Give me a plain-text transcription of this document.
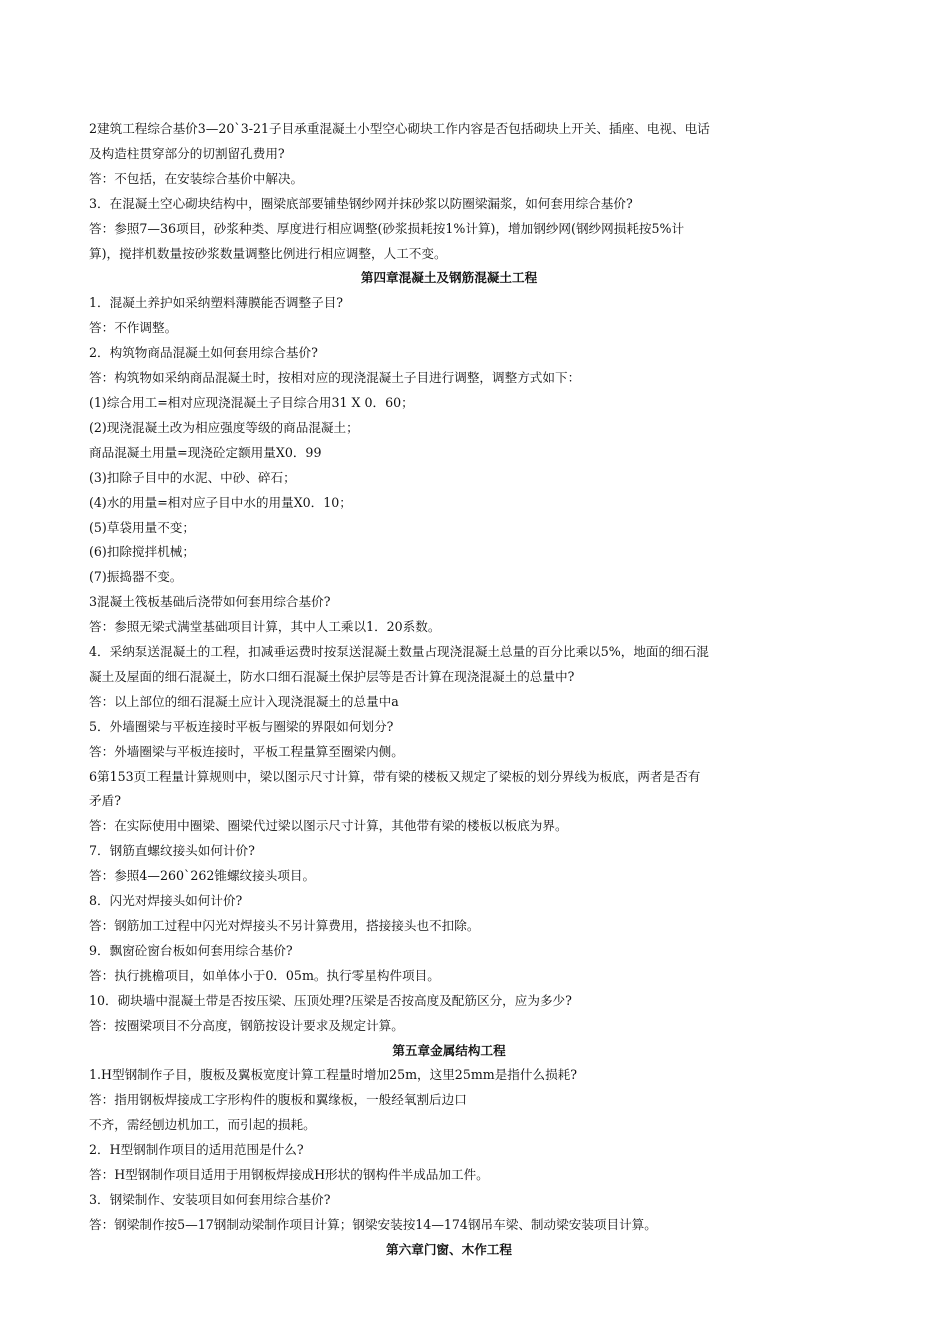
2建筑工程综合基价3—20`3-21子目承重混凝土小型空心砌块工作内容是否包括砌块上开关、插座、电视、电话
及构造柱贯穿部分的切割留孔费用?
答：不包括，在安装综合基价中解决。
3．在混凝土空心砌块结构中，圈梁底部要铺垫钢纱网并抹砂浆以防圈梁漏浆，如何套用综合基价?
答：参照7—36项目，砂浆种类、厚度进行相应调整(砂浆损耗按1%计算)，增加钢纱网(钢纱网损耗按5%计
算)，搅拌机数量按砂浆数量调整比例进行相应调整，人工不变。
第四章混凝土及钢筋混凝土工程
1．混凝土养护如采纳塑料薄膜能否调整子目?
答：不作调整。
2．构筑物商品混凝土如何套用综合基价?
答：构筑物如采纳商品混凝土时，按相对应的现浇混凝土子目进行调整，调整方式如下：
(1)综合用工=相对应现浇混凝土子目综合用31 X 0．60；
(2)现浇混凝土改为相应强度等级的商品混凝土；
商品混凝土用量=现浇砼定额用量X0．99
(3)扣除子目中的水泥、中砂、碎石；
(4)水的用量=相对应子目中水的用量X0．10；
(5)草袋用量不变；
(6)扣除搅拌机械；
(7)振捣器不变。
3混凝土筏板基础后浇带如何套用综合基价?
答：参照无梁式满堂基础项目计算，其中人工乘以1．20系数。
4．采纳泵送混凝土的工程，扣减垂运费时按泵送混凝土数量占现浇混凝土总量的百分比乘以5%，地面的细石混
凝土及屋面的细石混凝土，防水口细石混凝土保护层等是否计算在现浇混凝土的总量中?
答：以上部位的细石混凝土应计入现浇混凝土的总量中a
5．外墙圈梁与平板连接时平板与圈梁的界限如何划分?
答：外墙圈梁与平板连接时，平板工程量算至圈梁内侧。
6第153页工程量计算规则中，梁以图示尺寸计算，带有梁的楼板又规定了梁板的划分界线为板底，两者是否有
矛盾?
答：在实际使用中圈梁、圈梁代过梁以图示尺寸计算，其他带有梁的楼板以板底为界。
7．钢筋直螺纹接头如何计价?
答：参照4—260`262锥螺纹接头项目。
8．闪光对焊接头如何计价?
答：钢筋加工过程中闪光对焊接头不另计算费用，搭接接头也不扣除。
9．飘窗砼窗台板如何套用综合基价?
答：执行挑檐项目，如单体小于0．05m。执行零星构件项目。
10．砌块墙中混凝土带是否按压梁、压顶处理?压梁是否按高度及配筋区分，应为多少?
答：按圈梁项目不分高度，钢筋按设计要求及规定计算。
第五章金属结构工程
1.H型钢制作子目，腹板及翼板宽度计算工程量时增加25m，这里25mm是指什么损耗?
答：指用钢板焊接成工字形构件的腹板和翼缘板，一般经氧割后边口
不齐，需经刨边机加工，而引起的损耗。
2．H型钢制作项目的适用范围是什么?
答：H型钢制作项目适用于用钢板焊接成H形状的钢构件半成品加工件。
3．钢梁制作、安装项目如何套用综合基价?
答：钢梁制作按5—17钢制动梁制作项目计算；钢梁安装按14—174钢吊车梁、制动梁安装项目计算。
第六章门窗、木作工程
